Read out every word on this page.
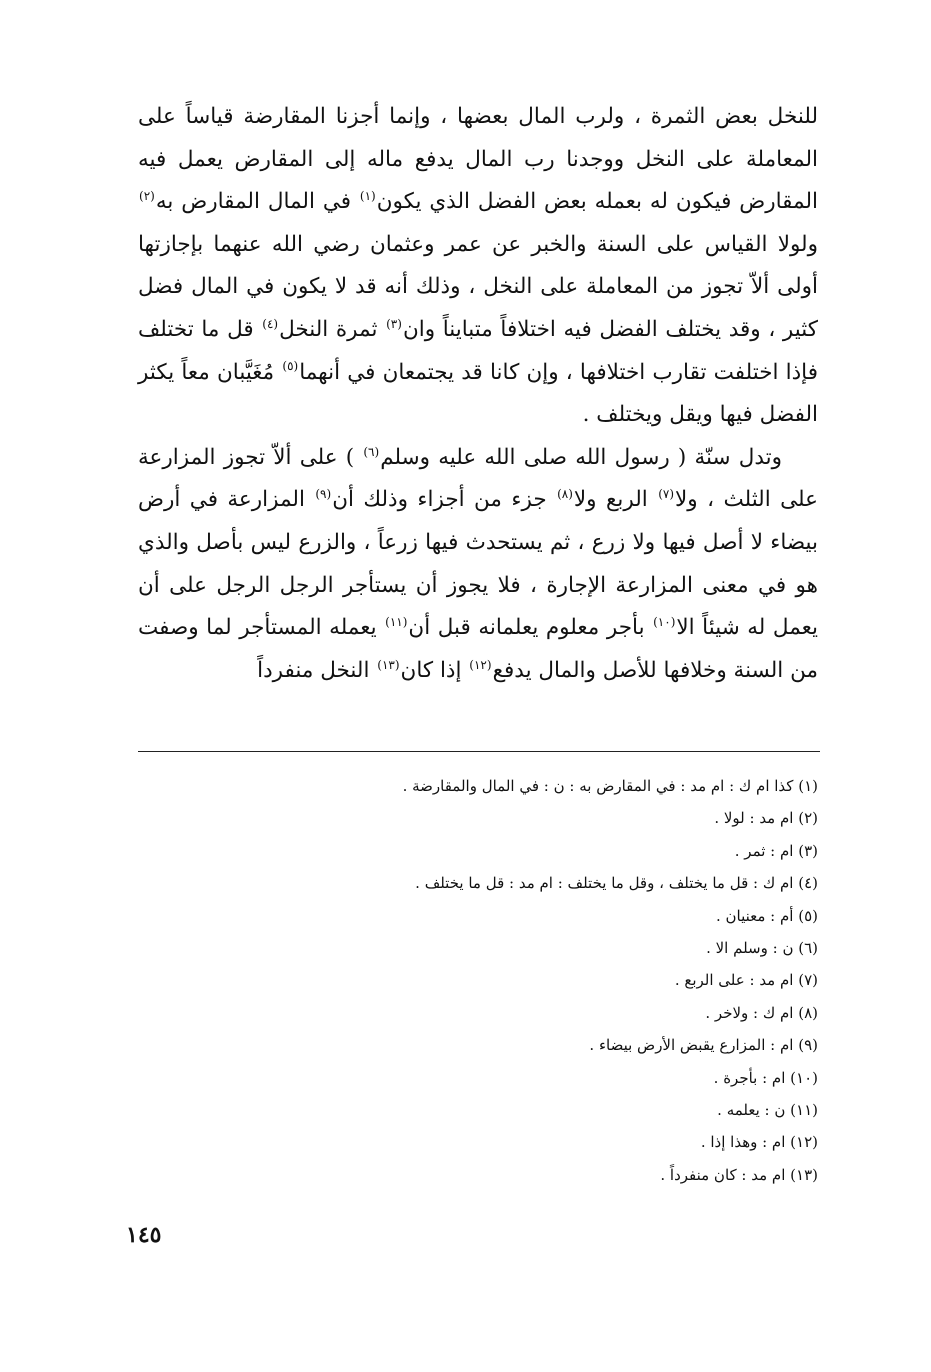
للنخل بعض الثمرة ، ولرب المال بعضها ، وإنما أجزنا المقارضة قياساً على المعاملة على النخل ووجدنا رب المال يدفع ماله إلى المقارض يعمل فيه المقارض فيكون له بعمله بعض الفضل الذي يكون$^{(١)}$ في المال المقارض به$^{(٢)}$ ولولا القياس على السنة والخبر عن عمر وعثمان رضي الله عنهما بإجازتها أولى ألاّ تجوز من المعاملة على النخل ، وذلك أنه قد لا يكون في المال فضل كثير ، وقد يختلف الفضل فيه اختلافاً متبايناً وان$^{(٣)}$ ثمرة النخل$^{(٤)}$ قل ما تختلف فإذا اختلفت تقارب اختلافها ، وإن كانا قد يجتمعان في أنهما$^{(٥)}$ مُغَيَّبان معاً يكثر الفضل فيها ويقل ويختلف .

وتدل سنّة ( رسول الله صلى الله عليه وسلم$^{(٦)}$ ) على ألاّ تجوز المزارعة على الثلث ، ولا$^{(٧)}$ الربع ولا$^{(٨)}$ جزء من أجزاء وذلك أن$^{(٩)}$ المزارعة في أرض بيضاء لا أصل فيها ولا زرع ، ثم يستحدث فيها زرعاً ، والزرع ليس بأصل والذي هو في معنى المزارعة الإجارة ، فلا يجوز أن يستأجر الرجل الرجل على أن يعمل له شيئاً الا$^{(١٠)}$ بأجر معلوم يعلمانه قبل أن$^{(١١)}$ يعمله المستأجر لما وصفت من السنة وخلافها للأصل والمال يدفع$^{(١٢)}$ إذا كان$^{(١٣)}$ النخل منفرداً

(١) كذا ام ك : ام مد : في المقارض به : ن : في المال والمقارضة .
(٢) ام مد : لولا .
(٣) ام : ثمر .
(٤) ام ك : قل ما يختلف ، وقل ما يختلف : ام مد : قل ما يختلف .
(٥) أم : معنيان .
(٦) ن : وسلم الا .
(٧) ام مد : على الربع .
(٨) ام ك : ولاخر .
(٩) ام : المزارع يقبض الأرض بيضاء .
(١٠) ام : بأجرة .
(١١) ن : يعلمه .
(١٢) ام : وهذا إذا .
(١٣) ام مد : كان منفرداً .
١٤٥
